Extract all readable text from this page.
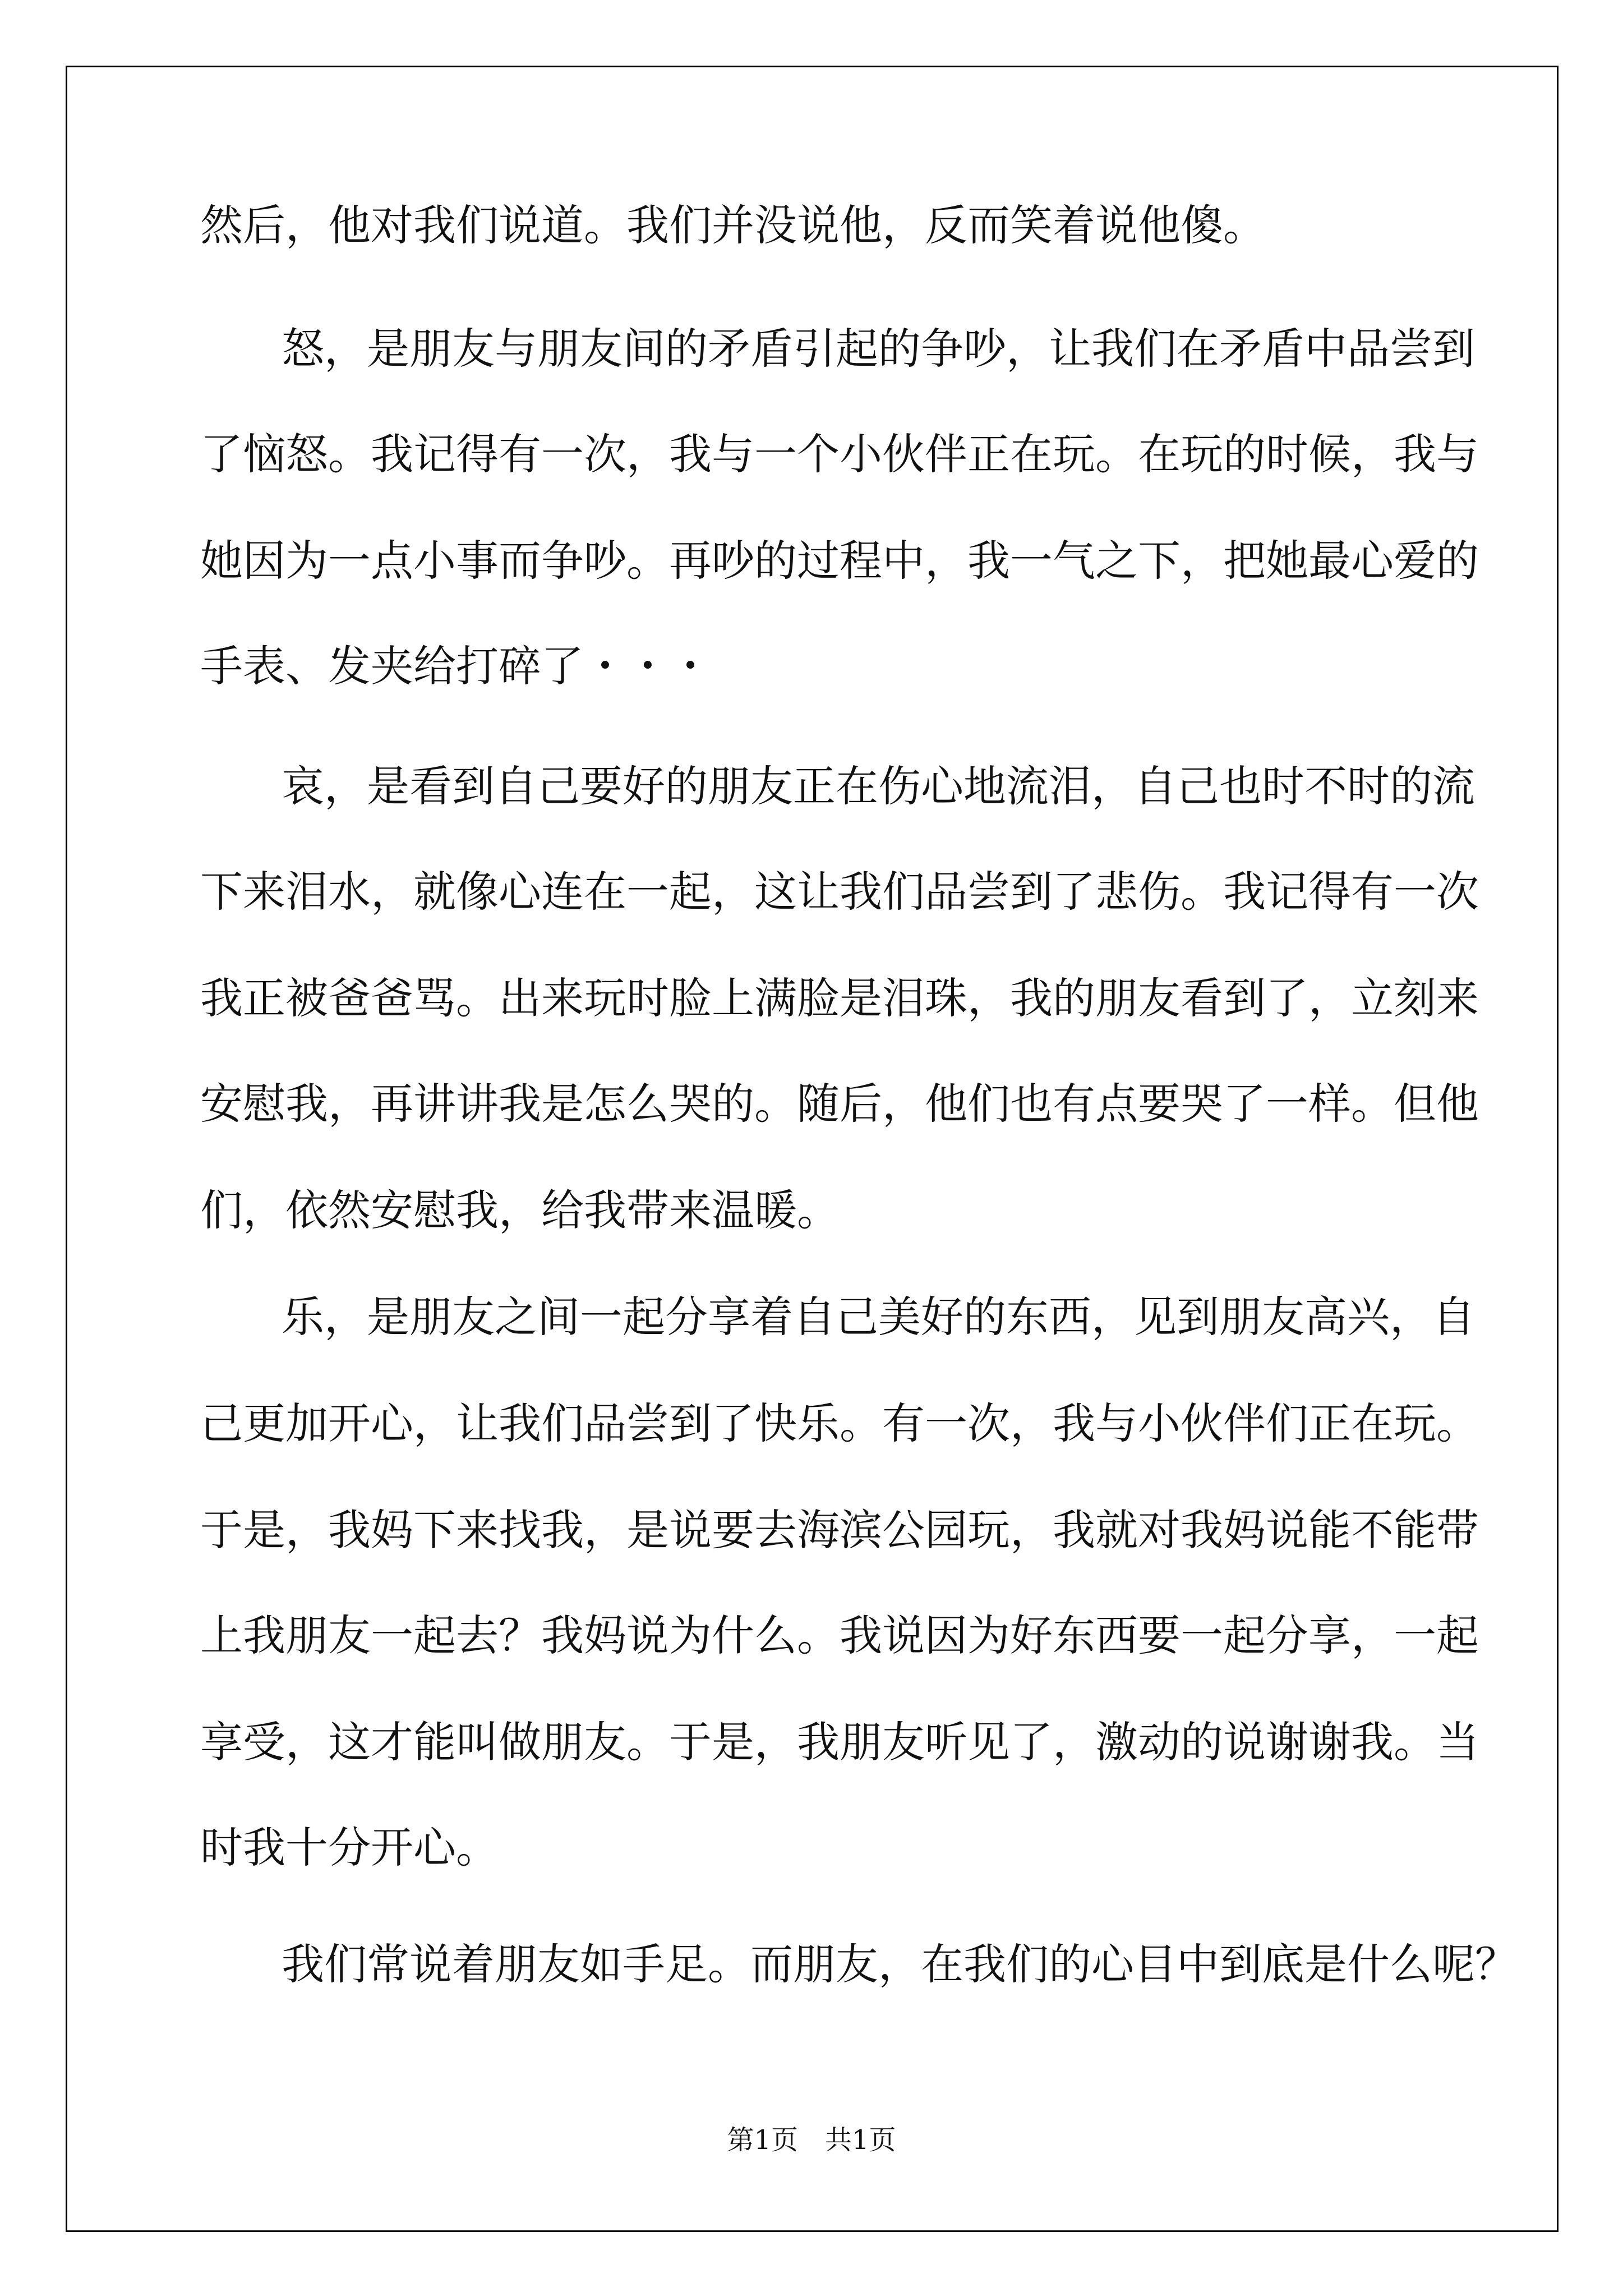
然后，他对我们说道。我们并没说他，反而笑着说他傻。

怒，是朋友与朋友间的矛盾引起的争吵，让我们在矛盾中品尝到

了恼怒。我记得有一次，我与一个小伙伴正在玩。在玩的时候，我与

她因为一点小事而争吵。再吵的过程中，我一气之下，把她最心爱的

手表、发夹给打碎了・・・

哀，是看到自己要好的朋友正在伤心地流泪，自己也时不时的流

下来泪水，就像心连在一起，这让我们品尝到了悲伤。我记得有一次

我正被爸爸骂。出来玩时脸上满脸是泪珠，我的朋友看到了，立刻来

安慰我，再讲讲我是怎么哭的。随后，他们也有点要哭了一样。但他

们，依然安慰我，给我带来温暖。

乐，是朋友之间一起分享着自己美好的东西，见到朋友高兴，自

己更加开心，让我们品尝到了快乐。有一次，我与小伙伴们正在玩。

于是，我妈下来找我，是说要去海滨公园玩，我就对我妈说能不能带

上我朋友一起去？我妈说为什么。我说因为好东西要一起分享，一起

享受，这才能叫做朋友。于是，我朋友听见了，激动的说谢谢我。当

时我十分开心。

我们常说着朋友如手足。而朋友，在我们的心目中到底是什么呢？

第1页　共1页
